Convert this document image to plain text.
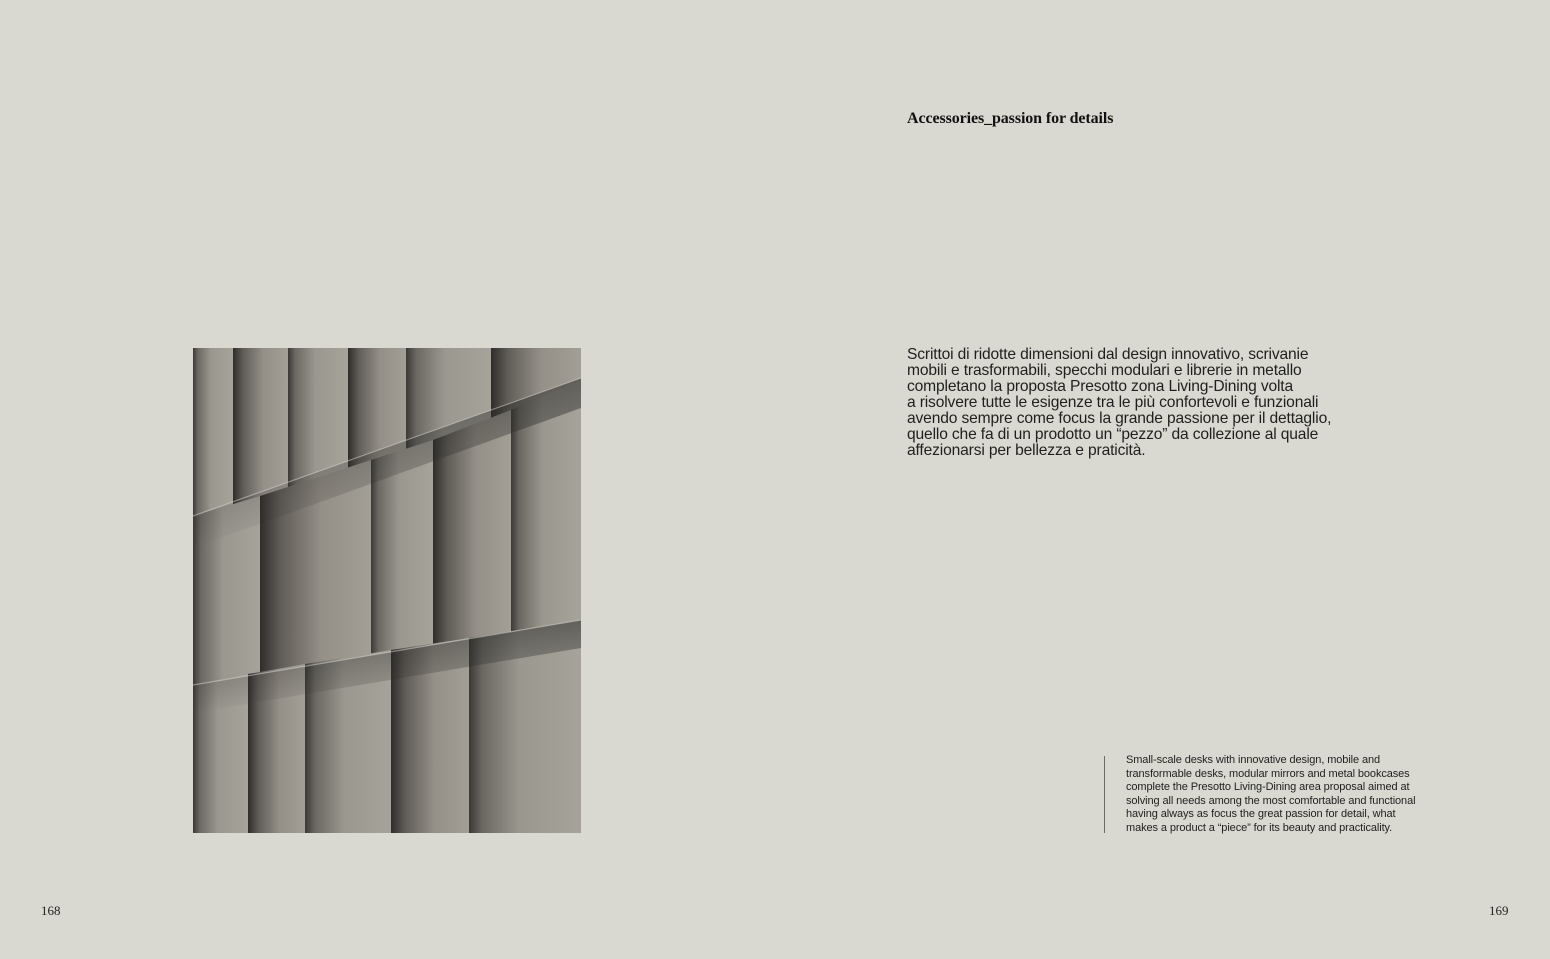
Accessories_passion for details

Scrittoi di ridotte dimensioni dal design innovativo, scrivanie
mobili e trasformabili, specchi modulari e librerie in metallo
completano la proposta Presotto zona Living-Dining volta
a risolvere tutte le esigenze tra le più confortevoli e funzionali
avendo sempre come focus la grande passione per il dettaglio,
quello che fa di un prodotto un “pezzo” da collezione al quale
affezionarsi per bellezza e praticità.

Small-scale desks with innovative design, mobile and
transformable desks, modular mirrors and metal bookcases
complete the Presotto Living-Dining area proposal aimed at
solving all needs among the most comfortable and functional
having always as focus the great passion for detail, what
makes a product a “piece” for its beauty and practicality.

168	169
